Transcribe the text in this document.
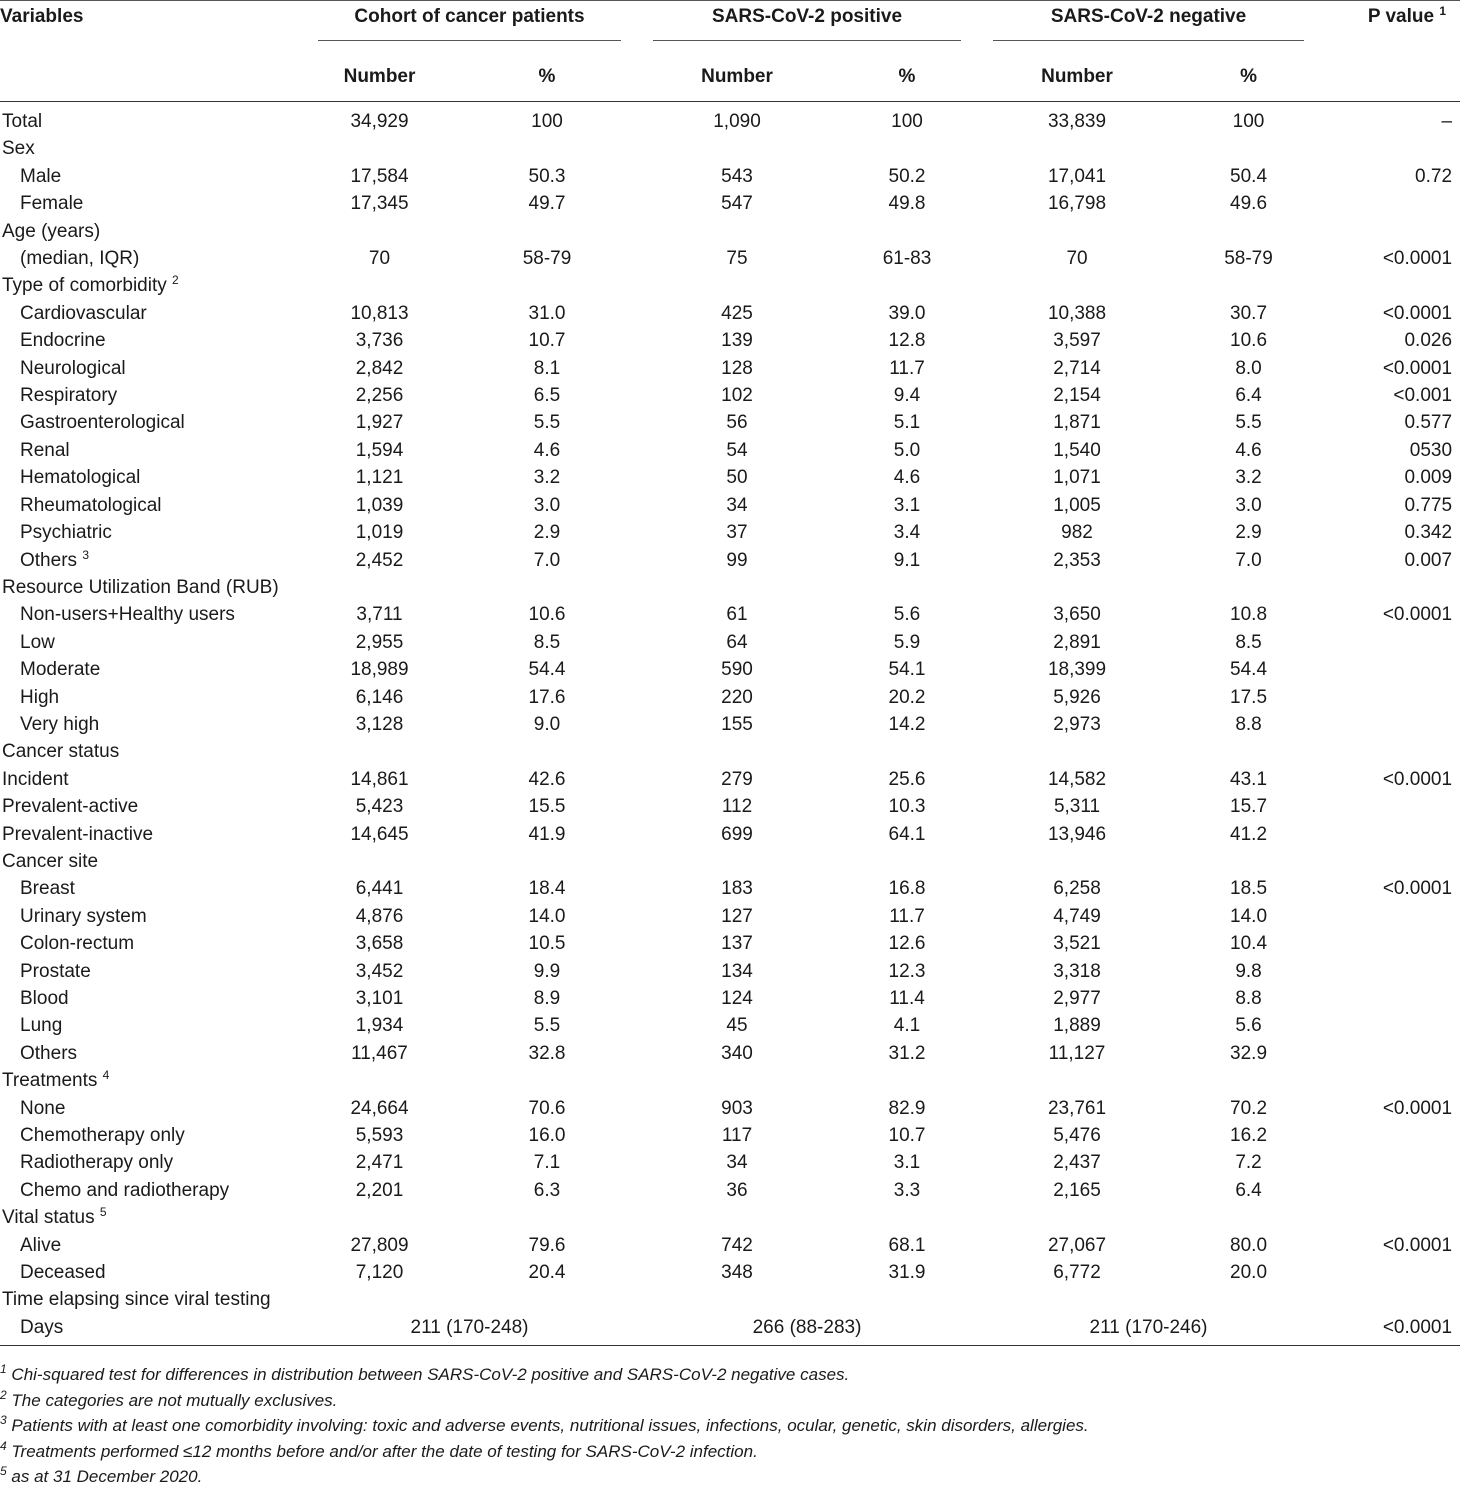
Variables	Cohort of cancer patients		SARS-CoV-2 positive		SARS-CoV-2 negative		P value $^1$
	Number	%	Number	%	Number	%	
Total	34,929	100	1,090	100	33,839	100	–
Sex							
Male	17,584	50.3	543	50.2	17,041	50.4	0.72
Female	17,345	49.7	547	49.8	16,798	49.6	
Age (years)							
(median, IQR)	70	58-79	75	61-83	70	58-79	<0.0001
Type of comorbidity $^2$	
Cardiovascular	10,813	31.0	425	39.0	10,388	30.7	<0.0001
Endocrine	3,736	10.7	139	12.8	3,597	10.6	0.026
Neurological	2,842	8.1	128	11.7	2,714	8.0	<0.0001
Respiratory	2,256	6.5	102	9.4	2,154	6.4	<0.001
Gastroenterological	1,927	5.5	56	5.1	1,871	5.5	0.577
Renal	1,594	4.6	54	5.0	1,540	4.6	0530
Hematological	1,121	3.2	50	4.6	1,071	3.2	0.009
Rheumatological	1,039	3.0	34	3.1	1,005	3.0	0.775
Psychiatric	1,019	2.9	37	3.4	982	2.9	0.342
Others $^3$	2,452	7.0	99	9.1	2,353	7.0	0.007
Resource Utilization Band (RUB)							
Non-users+Healthy users	3,711	10.6	61	5.6	3,650	10.8	<0.0001
Low	2,955	8.5	64	5.9	2,891	8.5	
Moderate	18,989	54.4	590	54.1	18,399	54.4	
High	6,146	17.6	220	20.2	5,926	17.5	
Very high	3,128	9.0	155	14.2	2,973	8.8	
Cancer status							
Incident	14,861	42.6	279	25.6	14,582	43.1	<0.0001
Prevalent-active	5,423	15.5	112	10.3	5,311	15.7	
Prevalent-inactive	14,645	41.9	699	64.1	13,946	41.2	
Cancer site							
Breast	6,441	18.4	183	16.8	6,258	18.5	<0.0001
Urinary system	4,876	14.0	127	11.7	4,749	14.0	
Colon-rectum	3,658	10.5	137	12.6	3,521	10.4	
Prostate	3,452	9.9	134	12.3	3,318	9.8	
Blood	3,101	8.9	124	11.4	2,977	8.8	
Lung	1,934	5.5	45	4.1	1,889	5.6	
Others	11,467	32.8	340	31.2	11,127	32.9	
Treatments $^4$	
None	24,664	70.6	903	82.9	23,761	70.2	<0.0001
Chemotherapy only	5,593	16.0	117	10.7	5,476	16.2	
Radiotherapy only	2,471	7.1	34	3.1	2,437	7.2	
Chemo and radiotherapy	2,201	6.3	36	3.3	2,165	6.4	
Vital status $^5$	
Alive	27,809	79.6	742	68.1	27,067	80.0	<0.0001
Deceased	7,120	20.4	348	31.9	6,772	20.0	
Time elapsing since viral testing							
Days	211 (170-248)		266 (88-283)		211 (170-246)		<0.0001
$^1$ Chi-squared test for differences in distribution between SARS-CoV-2 positive and SARS-CoV-2 negative cases.
$^2$ The categories are not mutually exclusives.
$^3$ Patients with at least one comorbidity involving: toxic and adverse events, nutritional issues, infections, ocular, genetic, skin disorders, allergies.
$^4$ Treatments performed ≤12 months before and/or after the date of testing for SARS-CoV-2 infection.
$^5$ as at 31 December 2020.
